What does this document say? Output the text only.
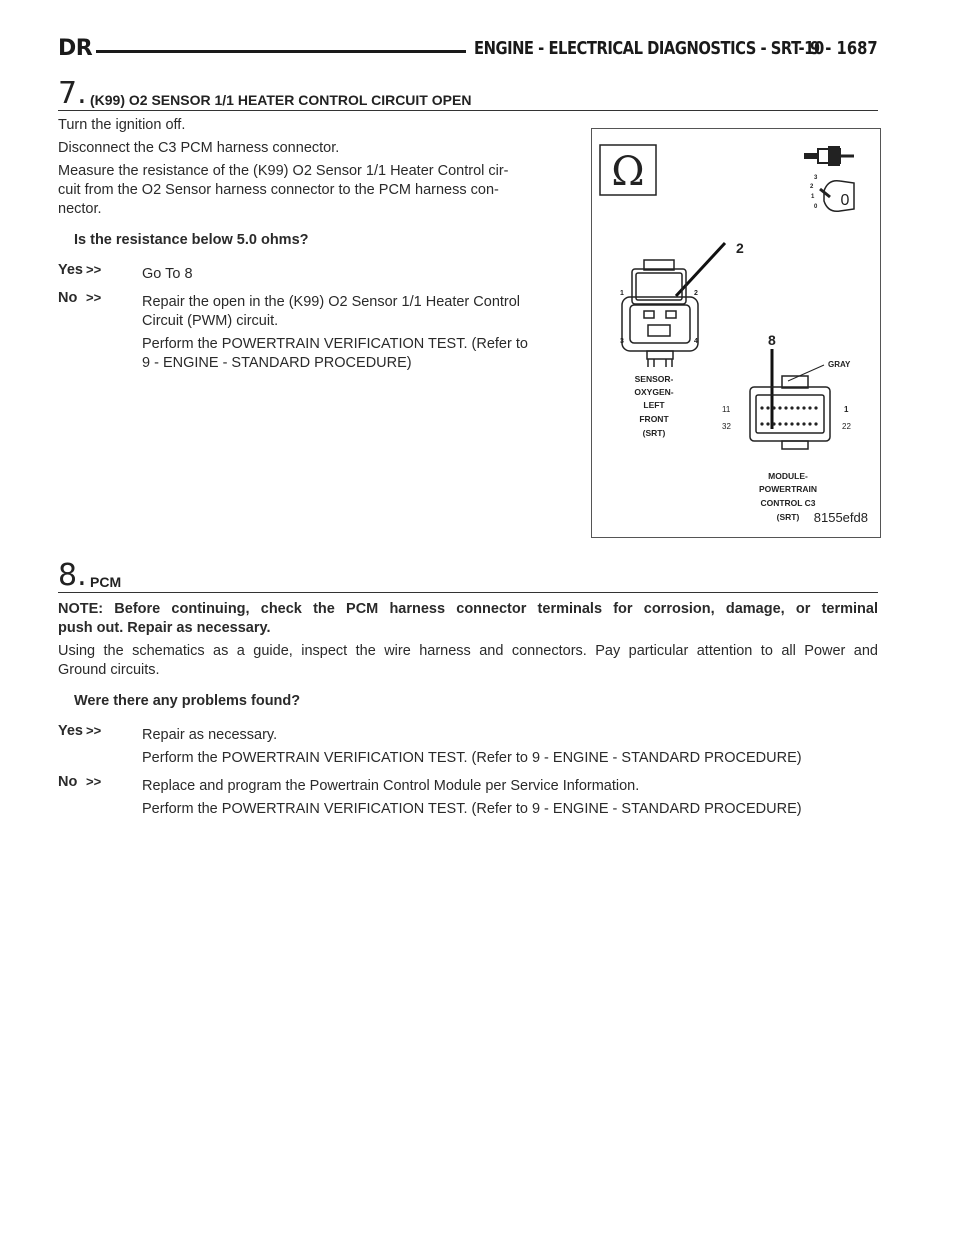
DR	ENGINE - ELECTRICAL DIAGNOSTICS - SRT-10
9 - 1687
7. (K99) O2 SENSOR 1/1 HEATER CONTROL CIRCUIT OPEN

Turn the ignition off.

Disconnect the C3 PCM harness connector.

Measure the resistance of the (K99) O2 Sensor 1/1 Heater Control cir-

cuit from the O2 Sensor harness connector to the PCM harness con-

nector.

Is the resistance below 5.0 ohms?

Yes >>	Go To 8

No >>	Repair the open in the (K99) O2 Sensor 1/1 Heater Control

Circuit (PWM) circuit.

Perform the POWERTRAIN VERIFICATION TEST. (Refer to

9 - ENGINE - STANDARD PROCEDURE)

Ω	3
2
1
0 0
2
1	2
3	4
SENSOR-
OXYGEN-
LEFT
FRONT
(SRT)
8
GRAY
11	1
32	22
MODULE-
POWERTRAIN
CONTROL C3
(SRT) 8155efd8
8. PCM

NOTE: Before continuing, check the PCM harness connector terminals for corrosion, damage, or terminal

push out. Repair as necessary.

Using the schematics as a guide, inspect the wire harness and connectors. Pay particular attention to all Power and

Ground circuits.

Were there any problems found?

Yes >>	Repair as necessary.

Perform the POWERTRAIN VERIFICATION TEST. (Refer to 9 - ENGINE - STANDARD PROCEDURE)

No >>	Replace and program the Powertrain Control Module per Service Information.

Perform the POWERTRAIN VERIFICATION TEST. (Refer to 9 - ENGINE - STANDARD PROCEDURE)
